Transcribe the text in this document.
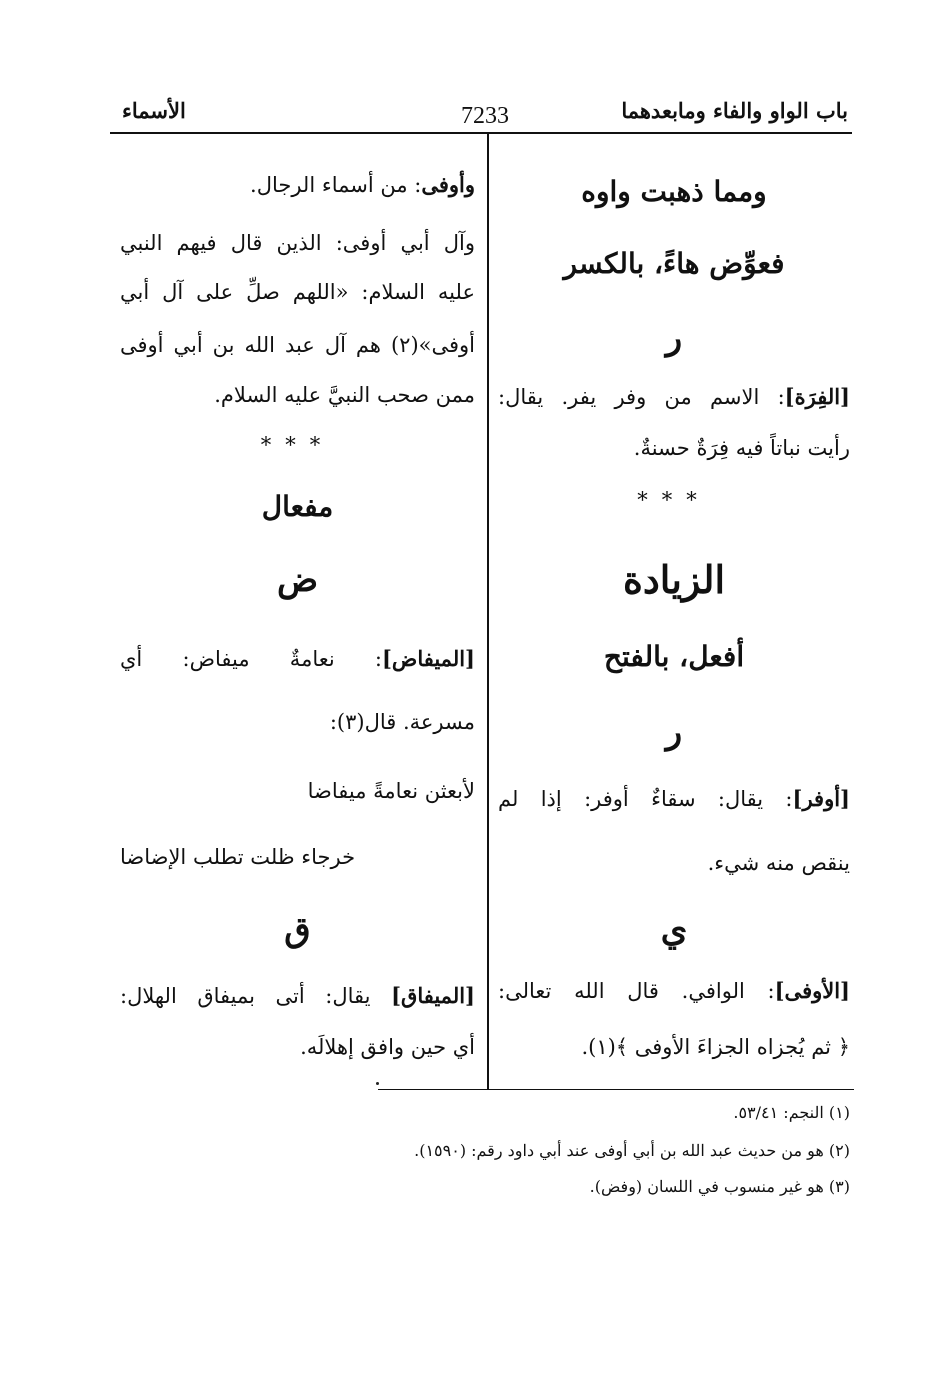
باب الواو والفاء ومابعدهما
7233
الأسماء
ومما ذهبت واوه
فعوِّض هاءً، بالكسر
ر
[الفِرَة]: الاسم من وفر يفر. يقال:
رأيت نباتاً فيه فِرَةٌ حسنةٌ.
***
الزيادة
أفعل، بالفتح
ر
[أوفر]: يقال: سقاءٌ أوفر: إذا لم
ينقص منه شيء.
ي
[الأوفى]: الوافي. قال الله تعالى:
﴿ ثم يُجزاه الجزاءَ الأوفى ﴾(١).
وأوفى: من أسماء الرجال.
وآل أبي أوفى: الذين قال فيهم النبي
عليه السلام: «اللهم صلِّ على آل أبي
أوفى»(٢) هم آل عبد الله بن أبي أوفى
ممن صحب النبيَّ عليه السلام.
***
مفعال
ض
[الميفاض]: نعامةٌ ميفاض: أي
مسرعة. قال(٣):
لأبعثن نعامةً ميفاضا
خرجاء ظلت تطلب الإضاضا
ق
[الميفاق] يقال: أتى بميفاق الهلال:
أي حين وافق إهلالَه.
(١) النجم: ٥٣/٤١.
(٢) هو من حديث عبد الله بن أبي أوفى عند أبي داود رقم: (١٥٩٠).
(٣) هو غير منسوب في اللسان (وفض).
